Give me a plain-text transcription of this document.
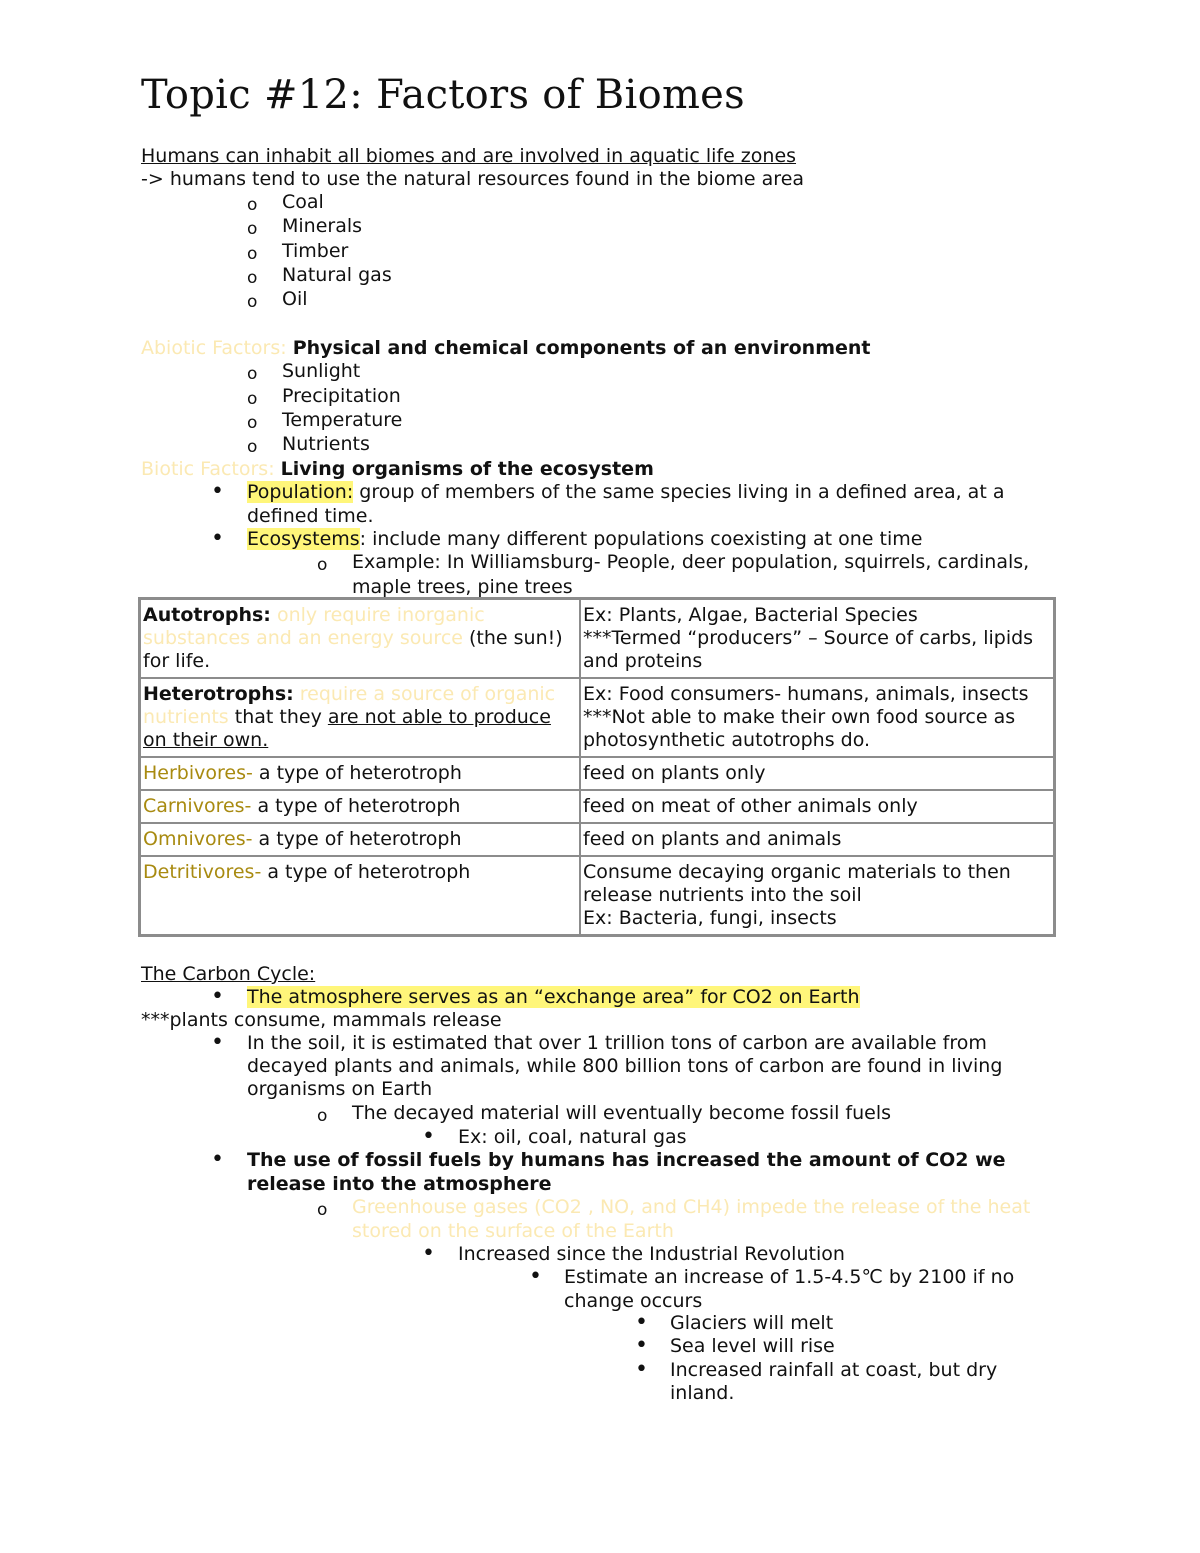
Topic #12: Factors of Biomes
Humans can inhabit all biomes and are involved in aquatic life zones
-> humans tend to use the natural resources found in the biome area
o Coal
o Minerals
o Timber
o Natural gas
o Oil
Abiotic Factors: Physical and chemical components of an environment
o Sunlight
o Precipitation
o Temperature
o Nutrients
Biotic Factors: Living organisms of the ecosystem
• Population: group of members of the same species living in a defined area, at a
defined time.
• Ecosystems: include many different populations coexisting at one time
o Example: In Williamsburg- People, deer population, squirrels, cardinals,
maple trees, pine trees
Autotrophs: only require inorganic substances and an energy source (the sun!) for life.	Ex: Plants, Algae, Bacterial Species
***Termed “producers” – Source of carbs, lipids and proteins

Heterotrophs: require a source of organic nutrients that they are not able to produce on their own.	Ex: Food consumers- humans, animals, insects
***Not able to make their own food source as photosynthetic autotrophs do.

Herbivores- a type of heterotroph	feed on plants only
Carnivores- a type of heterotroph	feed on meat of other animals only
Omnivores- a type of heterotroph	feed on plants and animals
Detritivores- a type of heterotroph	Consume decaying organic materials to then release nutrients into the soil
Ex: Bacteria, fungi, insects
The Carbon Cycle:
• The atmosphere serves as an “exchange area” for CO2 on Earth
***plants consume, mammals release
• In the soil, it is estimated that over 1 trillion tons of carbon are available from
decayed plants and animals, while 800 billion tons of carbon are found in living
organisms on Earth
o The decayed material will eventually become fossil fuels
• Ex: oil, coal, natural gas
• The use of fossil fuels by humans has increased the amount of CO2 we
release into the atmosphere
o Greenhouse gases (CO2 , NO, and CH4) impede the release of the heat
stored on the surface of the Earth
• Increased since the Industrial Revolution
• Estimate an increase of 1.5-4.5℃ by 2100 if no
change occurs
• Glaciers will melt
• Sea level will rise
• Increased rainfall at coast, but dry
inland.
